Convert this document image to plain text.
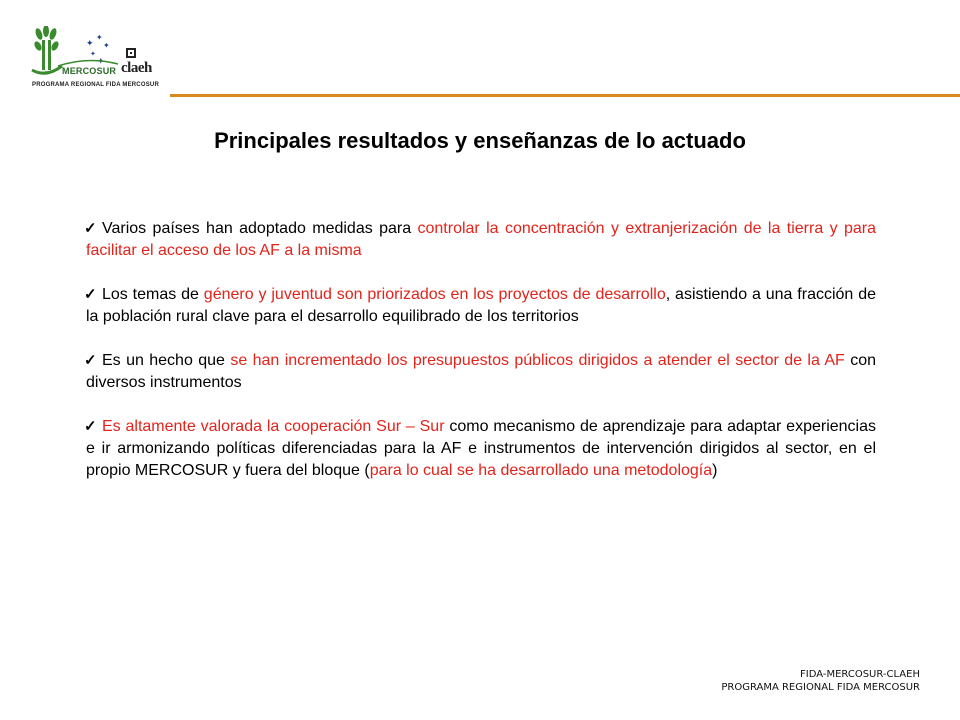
✦
✦
✦
✦
✦
MERCOSUR claeh
PROGRAMA REGIONAL FIDA MERCOSUR
Principales resultados y enseñanzas de lo actuado
✓ Varios países han adoptado medidas para controlar la concentración y extranjerización de la tierra y para facilitar el acceso de los AF a la misma
✓ Los temas de género y juventud son priorizados en los proyectos de desarrollo, asistiendo a una fracción de la población rural clave para el desarrollo equilibrado de los territorios
✓ Es un hecho que se han incrementado los presupuestos públicos dirigidos a atender el sector de la AF con diversos instrumentos
✓ Es altamente valorada la cooperación Sur – Sur como mecanismo de aprendizaje para adaptar experiencias e ir armonizando políticas diferenciadas para la AF e instrumentos de intervención dirigidos al sector, en el propio MERCOSUR y fuera del bloque (para lo cual se ha desarrollado una metodología)
FIDA-MERCOSUR-CLAEH
PROGRAMA REGIONAL FIDA MERCOSUR
